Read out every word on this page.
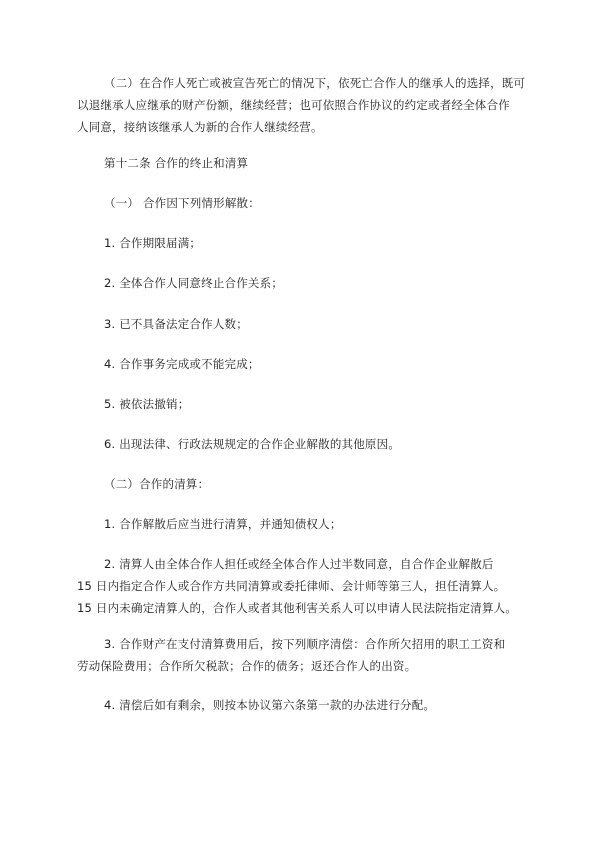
（二）在合作人死亡或被宣告死亡的情况下，依死亡合作人的继承人的选择，既可
以退继承人应继承的财产份额，继续经营；也可依照合作协议的约定或者经全体合作
人同意，接纳该继承人为新的合作人继续经营。
第十二条 合作的终止和清算
（一） 合作因下列情形解散：
1. 合作期限届满；
2. 全体合作人同意终止合作关系；
3. 已不具备法定合作人数；
4. 合作事务完成或不能完成；
5. 被依法撤销；
6. 出现法律、行政法规规定的合作企业解散的其他原因。
（二）合作的清算：
1. 合作解散后应当进行清算，并通知债权人；
2. 清算人由全体合作人担任或经全体合作人过半数同意，自合作企业解散后
15 日内指定合作人或合作方共同清算或委托律师、会计师等第三人，担任清算人。
15 日内未确定清算人的，合作人或者其他利害关系人可以申请人民法院指定清算人。
3. 合作财产在支付清算费用后，按下列顺序清偿：合作所欠招用的职工工资和
劳动保险费用；合作所欠税款；合作的债务；返还合作人的出资。
4. 清偿后如有剩余，则按本协议第六条第一款的办法进行分配。
